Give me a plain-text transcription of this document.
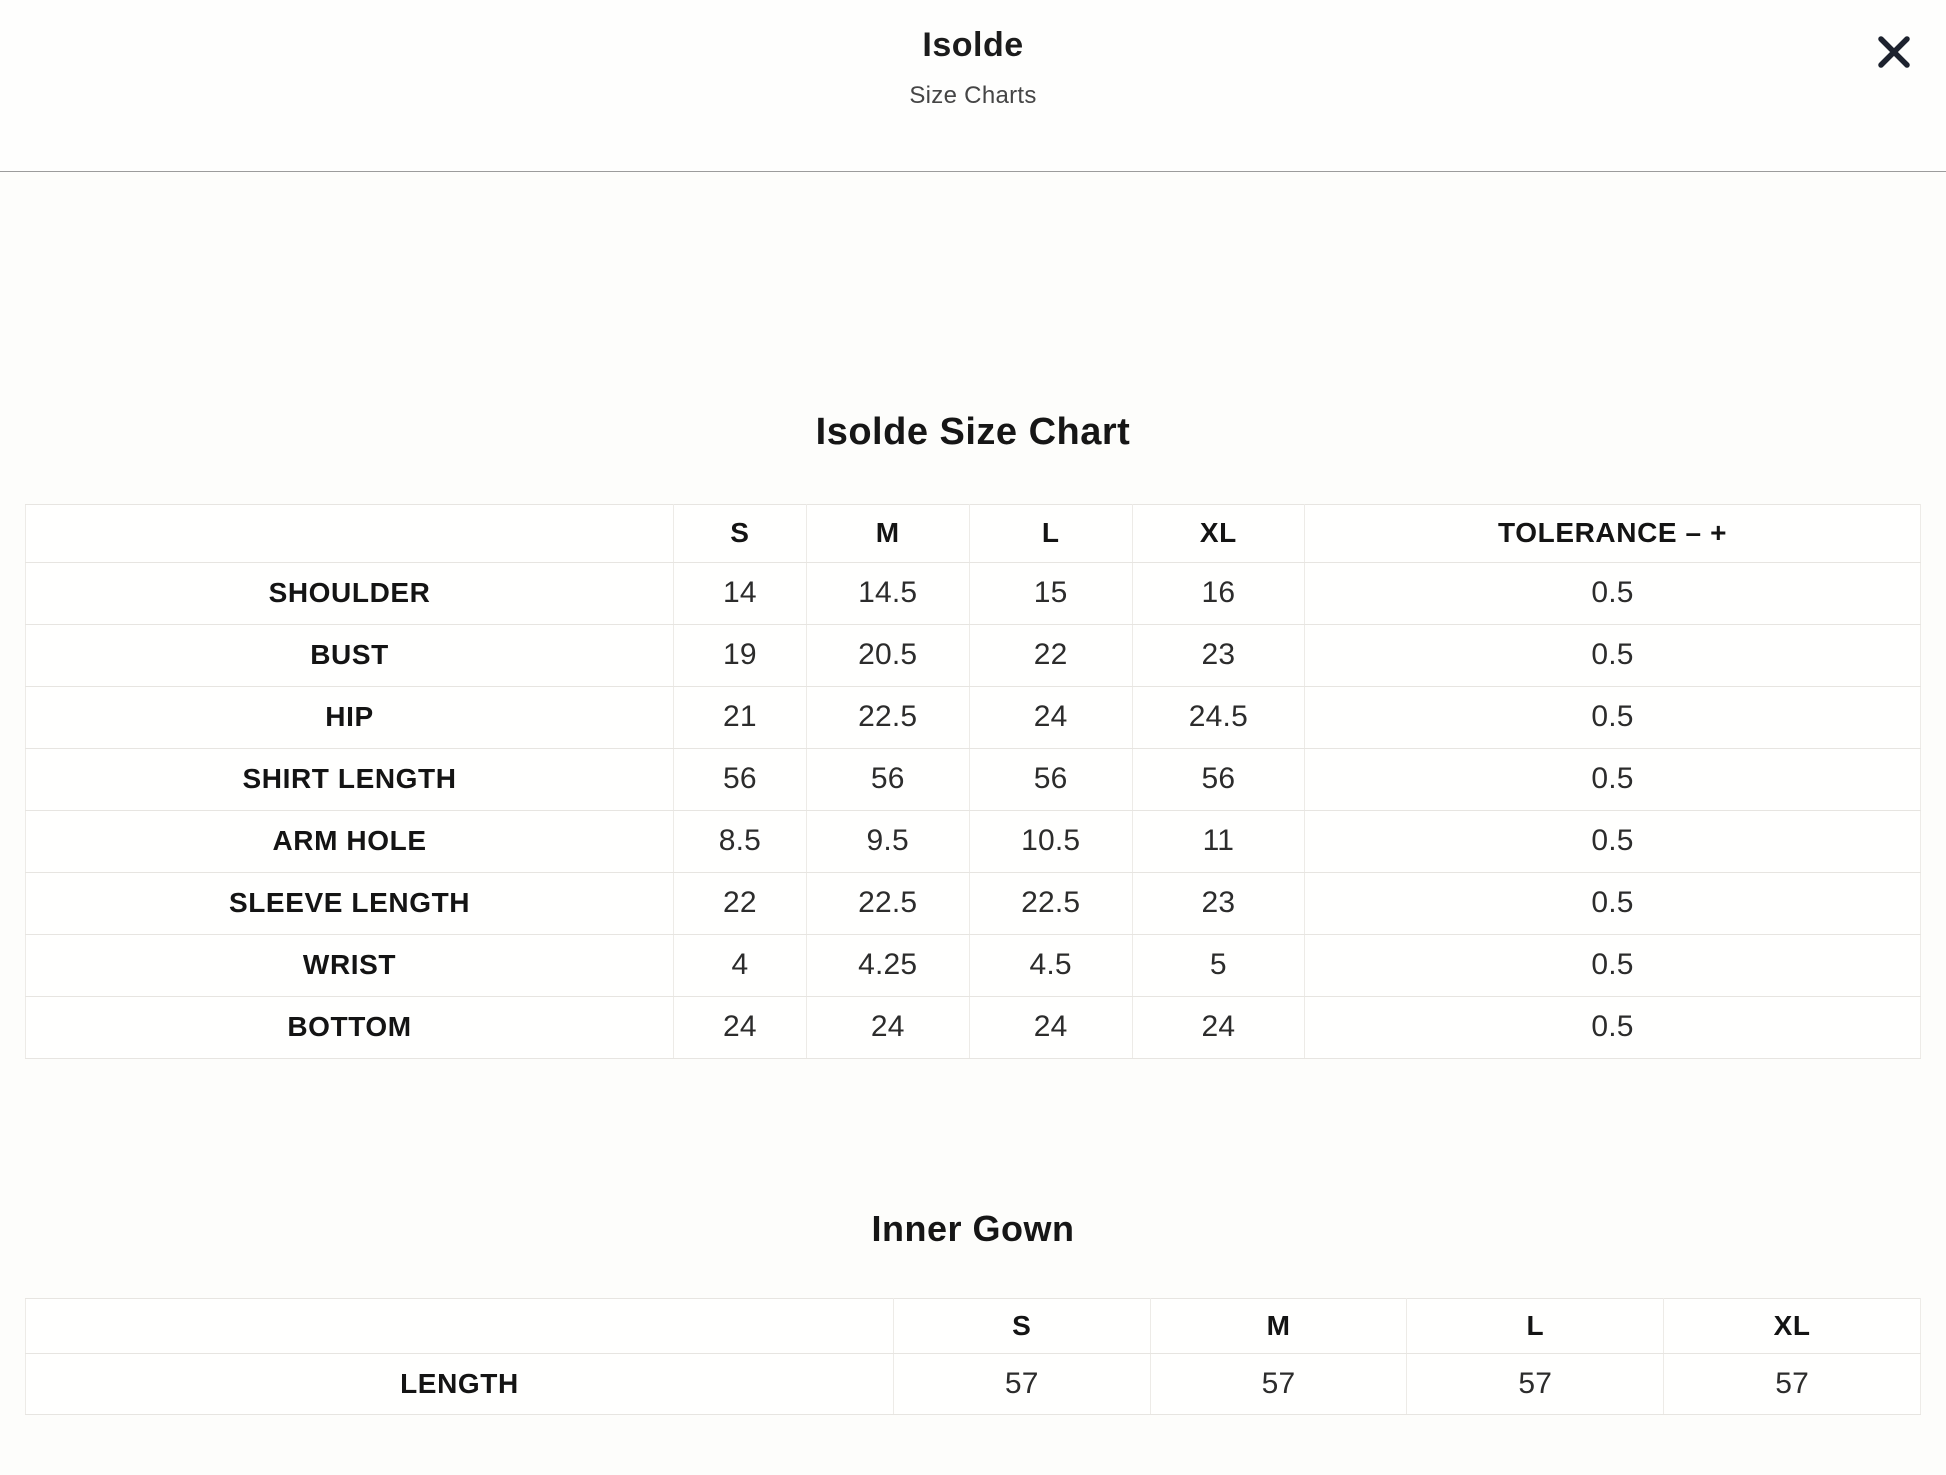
Isolde
Size Charts
Isolde Size Chart
	S	M	L	XL	TOLERANCE – +
SHOULDER	14	14.5	15	16	0.5
BUST	19	20.5	22	23	0.5
HIP	21	22.5	24	24.5	0.5
SHIRT LENGTH	56	56	56	56	0.5
ARM HOLE	8.5	9.5	10.5	11	0.5
SLEEVE LENGTH	22	22.5	22.5	23	0.5
WRIST	4	4.25	4.5	5	0.5
BOTTOM	24	24	24	24	0.5
Inner Gown
	S	M	L	XL
LENGTH	57	57	57	57
